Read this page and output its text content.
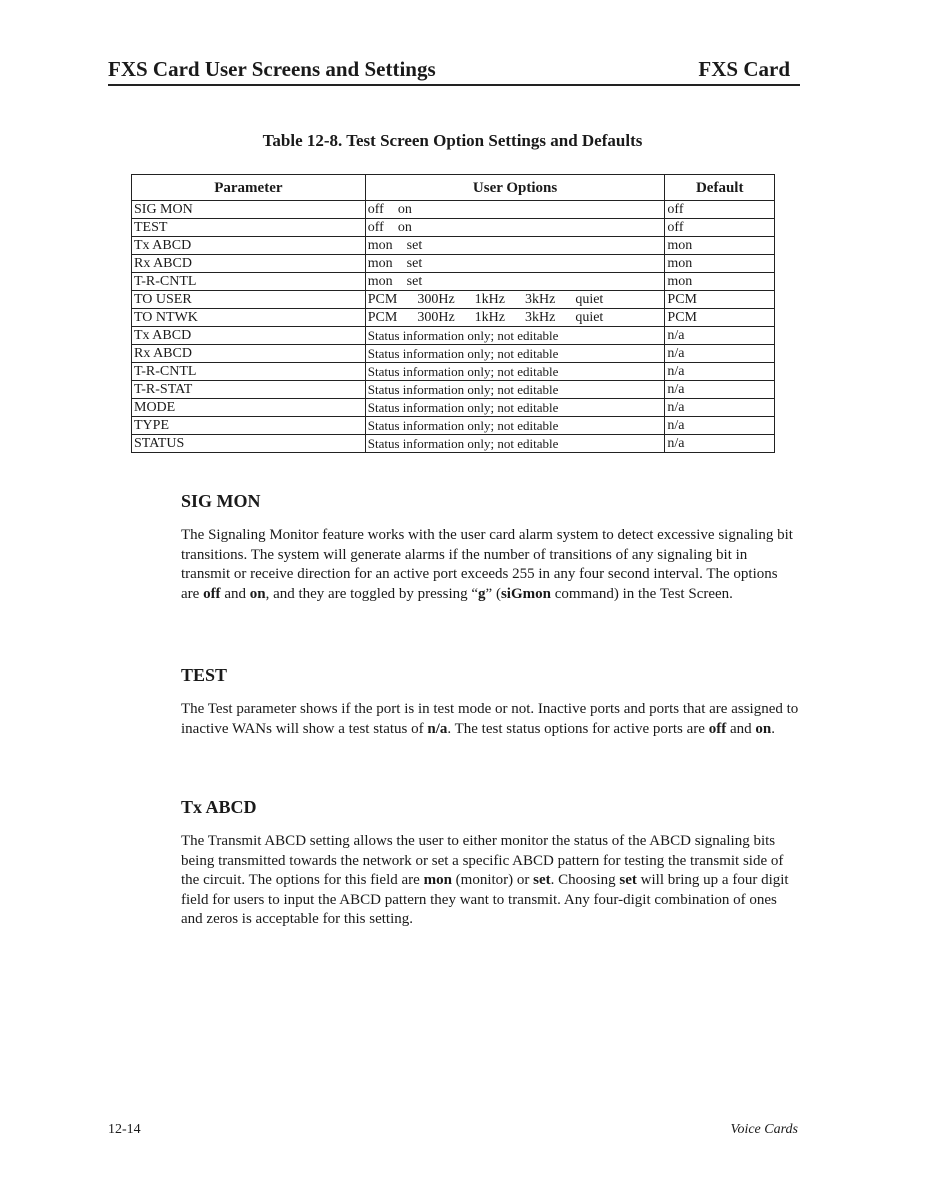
FXS Card User Screens and Settings	FXS Card
Table 12-8. Test Screen Option Settings and Defaults
Parameter	User Options	Default
SIG MON	off on	off
TEST	off on	off
Tx ABCD	mon set	mon
Rx ABCD	mon set	mon
T-R-CNTL	mon set	mon
TO USER	PCM 300Hz 1kHz 3kHz quiet	PCM
TO NTWK	PCM 300Hz 1kHz 3kHz quiet	PCM
Tx ABCD	Status information only; not editable	n/a
Rx ABCD	Status information only; not editable	n/a
T-R-CNTL	Status information only; not editable	n/a
T-R-STAT	Status information only; not editable	n/a
MODE	Status information only; not editable	n/a
TYPE	Status information only; not editable	n/a
STATUS	Status information only; not editable	n/a
SIG MON

The Signaling Monitor feature works with the user card alarm system to detect excessive signaling bit transitions. The system will generate alarms if the number of transitions of any signaling bit in transmit or receive direction for an active port exceeds 255 in any four second interval. The options are off and on, and they are toggled by pressing “g” (siGmon command) in the Test Screen.

TEST

The Test parameter shows if the port is in test mode or not. Inactive ports and ports that are assigned to inactive WANs will show a test status of n/a. The test status options for active ports are off and on.

Tx ABCD

The Transmit ABCD setting allows the user to either monitor the status of the ABCD signaling bits being transmitted towards the network or set a specific ABCD pattern for testing the transmit side of the circuit. The options for this field are mon (monitor) or set. Choosing set will bring up a four digit field for users to input the ABCD pattern they want to transmit. Any four-digit combination of ones and zeros is acceptable for this setting.

12-14	Voice Cards
